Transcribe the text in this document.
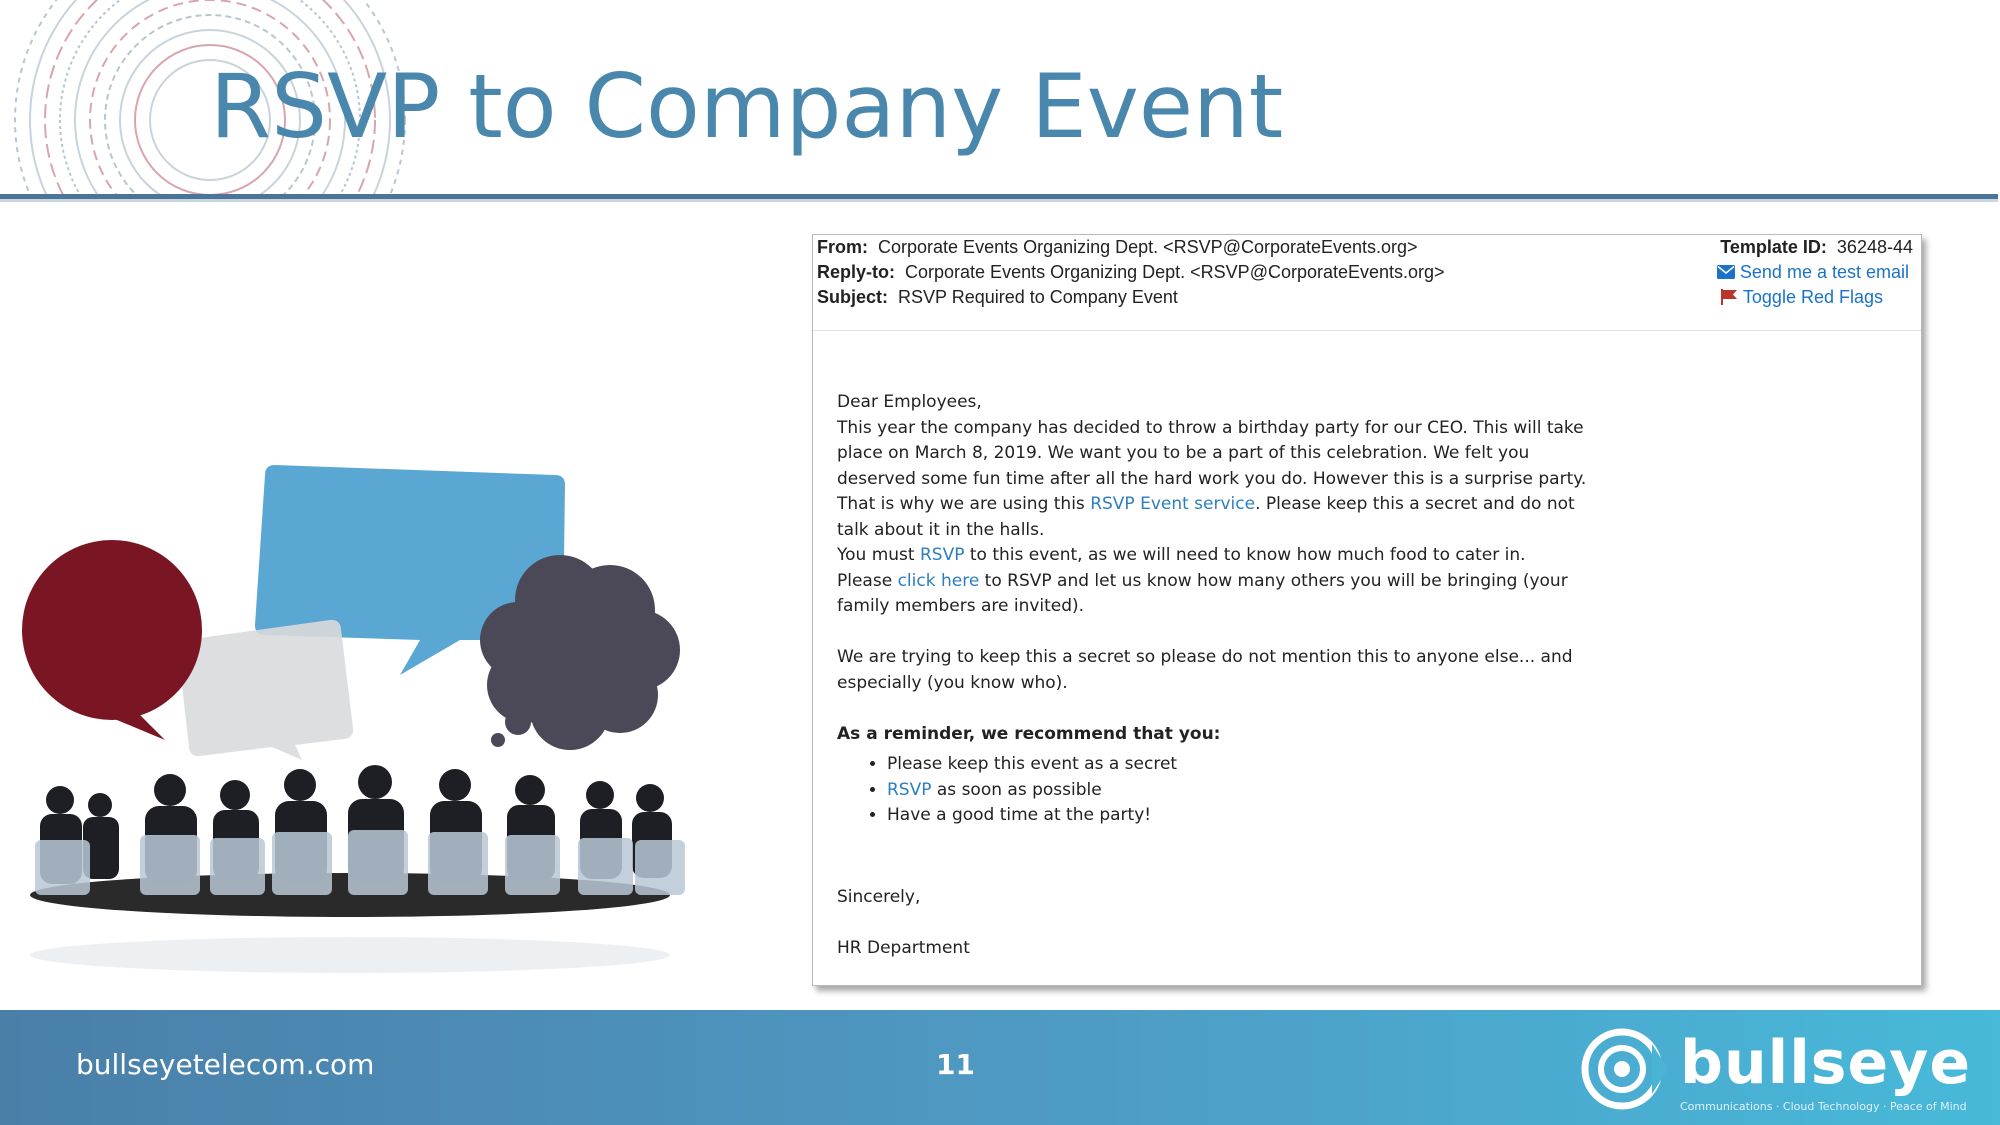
RSVP to Company Event
From: Corporate Events Organizing Dept. <RSVP@CorporateEvents.org>
Reply-to: Corporate Events Organizing Dept. <RSVP@CorporateEvents.org>
Subject: RSVP Required to Company Event
Template ID: 36248-44
Send me a test email
Toggle Red Flags

Dear Employees,

This year the company has decided to throw a birthday party for our CEO. This will take place on March 8, 2019. We want you to be a part of this celebration. We felt you deserved some fun time after all the hard work you do. However this is a surprise party. That is why we are using this RSVP Event service. Please keep this a secret and do not talk about it in the halls.

You must RSVP to this event, as we will need to know how much food to cater in.

Please click here to RSVP and let us know how many others you will be bringing (your family members are invited).

We are trying to keep this a secret so please do not mention this to anyone else... and especially (you know who).

As a reminder, we recommend that you:

• Please keep this event as a secret
• RSVP as soon as possible
• Have a good time at the party!

Sincerely,

HR Department

bullseyetelecom.com	11	bullseye
Communications · Cloud Technology · Peace of Mind
